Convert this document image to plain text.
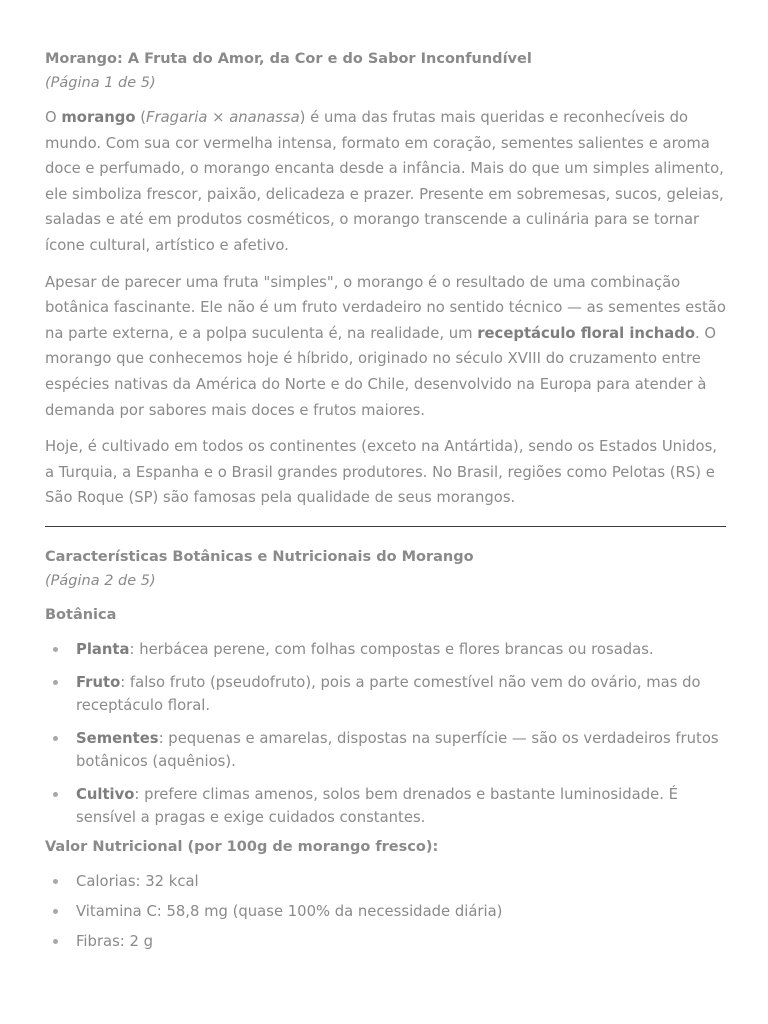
Morango: A Fruta do Amor, da Cor e do Sabor Inconfundível
(Página 1 de 5)

O morango (Fragaria × ananassa) é uma das frutas mais queridas e reconhecíveis do mundo. Com sua cor vermelha intensa, formato em coração, sementes salientes e aroma doce e perfumado, o morango encanta desde a infância. Mais do que um simples alimento, ele simboliza frescor, paixão, delicadeza e prazer. Presente em sobremesas, sucos, geleias, saladas e até em produtos cosméticos, o morango transcende a culinária para se tornar ícone cultural, artístico e afetivo.

Apesar de parecer uma fruta "simples", o morango é o resultado de uma combinação botânica fascinante. Ele não é um fruto verdadeiro no sentido técnico — as sementes estão na parte externa, e a polpa suculenta é, na realidade, um receptáculo floral inchado. O morango que conhecemos hoje é híbrido, originado no século XVIII do cruzamento entre espécies nativas da América do Norte e do Chile, desenvolvido na Europa para atender à demanda por sabores mais doces e frutos maiores.

Hoje, é cultivado em todos os continentes (exceto na Antártida), sendo os Estados Unidos, a Turquia, a Espanha e o Brasil grandes produtores. No Brasil, regiões como Pelotas (RS) e São Roque (SP) são famosas pela qualidade de seus morangos.

Características Botânicas e Nutricionais do Morango
(Página 2 de 5)
Botânica
Planta: herbácea perene, com folhas compostas e flores brancas ou rosadas.
Fruto: falso fruto (pseudofruto), pois a parte comestível não vem do ovário, mas do receptáculo floral.
Sementes: pequenas e amarelas, dispostas na superfície — são os verdadeiros frutos botânicos (aquênios).
Cultivo: prefere climas amenos, solos bem drenados e bastante luminosidade. É sensível a pragas e exige cuidados constantes.
Valor Nutricional (por 100g de morango fresco):
Calorias: 32 kcal
Vitamina C: 58,8 mg (quase 100% da necessidade diária)
Fibras: 2 g
